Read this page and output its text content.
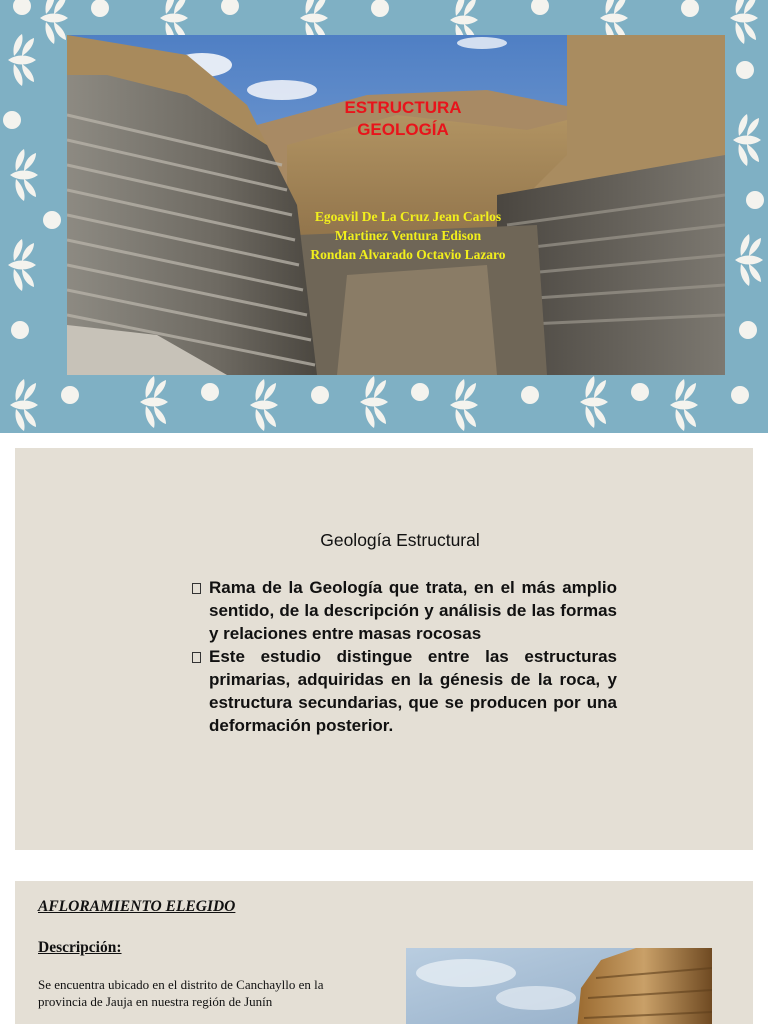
ESTRUCTURA
GEOLOGÍA
Egoavil De La Cruz Jean Carlos
Martinez Ventura Edison
Rondan Alvarado Octavio Lazaro
Geología Estructural
Rama de la Geología que trata, en el más amplio sentido, de la descripción y análisis de las formas y relaciones entre masas rocosas
Este estudio distingue entre las estructuras primarias, adquiridas en la génesis de la roca, y estructura secundarias, que se producen por una deformación posterior.
AFLORAMIENTO ELEGIDO
Descripción:
Se encuentra ubicado en el distrito de Canchayllo en la provincia de Jauja en nuestra región de Junín
